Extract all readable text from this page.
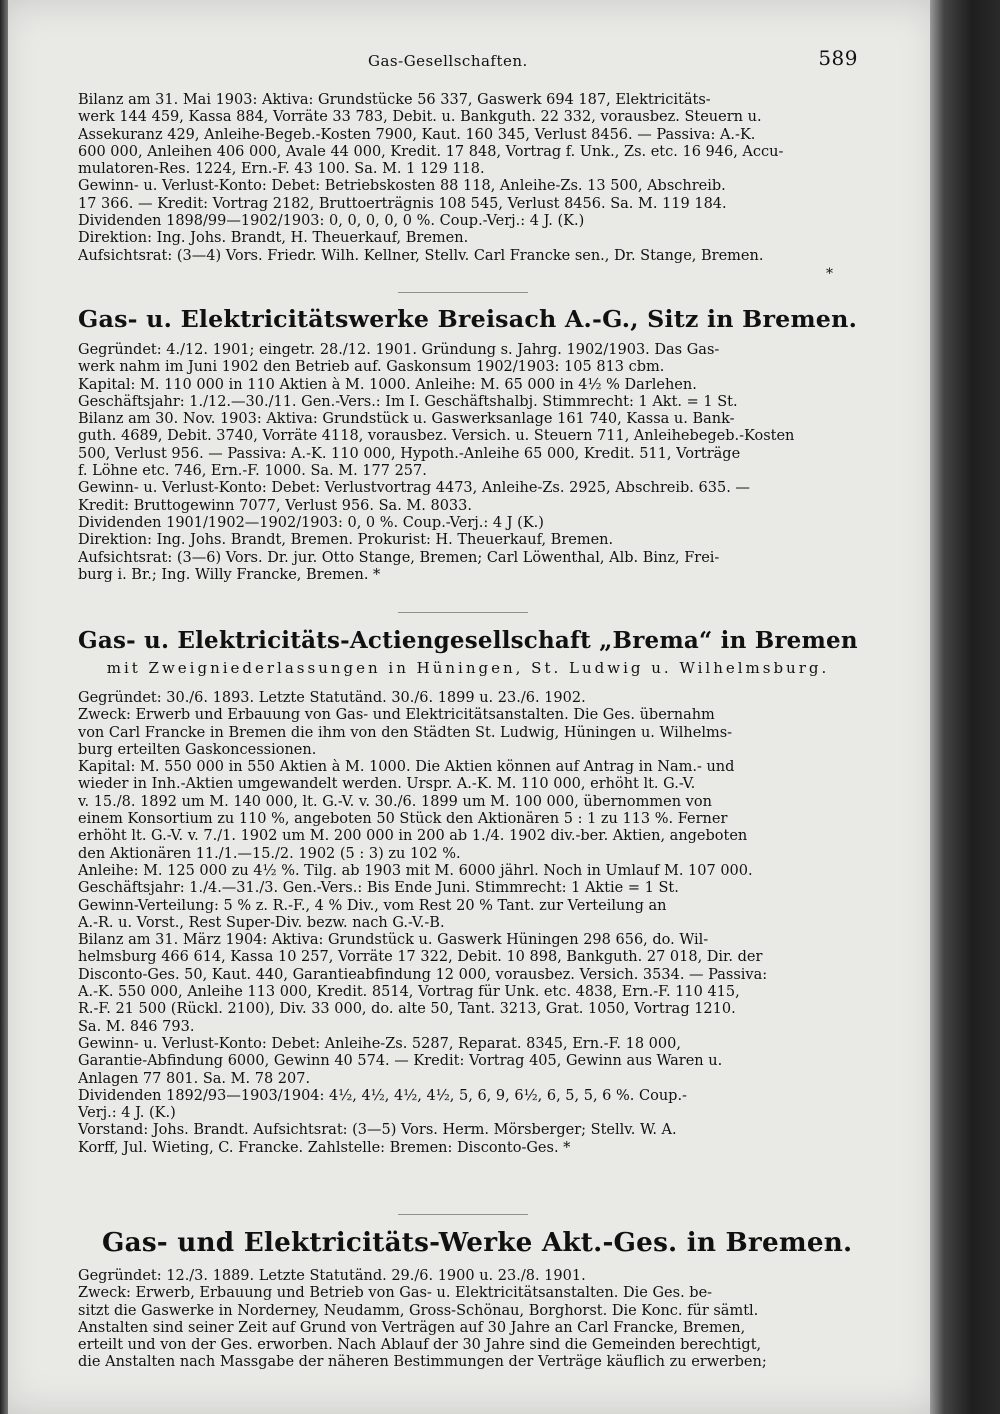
Gas-Gesellschaften.	589
Bilanz am 31. Mai 1903: Aktiva: Grundstücke 56 337, Gaswerk 694 187, Elektricitäts-
werk 144 459, Kassa 884, Vorräte 33 783, Debit. u. Bankguth. 22 332, vorausbez. Steuern u.
Assekuranz 429, Anleihe-Begeb.-Kosten 7900, Kaut. 160 345, Verlust 8456. — Passiva: A.-K.
600 000, Anleihen 406 000, Avale 44 000, Kredit. 17 848, Vortrag f. Unk., Zs. etc. 16 946, Accu-
mulatoren-Res. 1224, Ern.-F. 43 100. Sa. M. 1 129 118.
Gewinn- u. Verlust-Konto: Debet: Betriebskosten 88 118, Anleihe-Zs. 13 500, Abschreib.
17 366. — Kredit: Vortrag 2182, Bruttoerträgnis 108 545, Verlust 8456. Sa. M. 119 184.
Dividenden 1898/99—1902/1903: 0, 0, 0, 0, 0 %. Coup.-Verj.: 4 J. (K.)
Direktion: Ing. Johs. Brandt, H. Theuerkauf, Bremen.
Aufsichtsrat: (3—4) Vors. Friedr. Wilh. Kellner, Stellv. Carl Francke sen., Dr. Stange, Bremen.
*
Gas- u. Elektricitätswerke Breisach A.-G., Sitz in Bremen.
Gegründet: 4./12. 1901; eingetr. 28./12. 1901. Gründung s. Jahrg. 1902/1903. Das Gas-
werk nahm im Juni 1902 den Betrieb auf. Gaskonsum 1902/1903: 105 813 cbm.
Kapital: M. 110 000 in 110 Aktien à M. 1000. Anleihe: M. 65 000 in 4½ % Darlehen.
Geschäftsjahr: 1./12.—30./11. Gen.-Vers.: Im I. Geschäftshalbj. Stimmrecht: 1 Akt. = 1 St.
Bilanz am 30. Nov. 1903: Aktiva: Grundstück u. Gaswerksanlage 161 740, Kassa u. Bank-
guth. 4689, Debit. 3740, Vorräte 4118, vorausbez. Versich. u. Steuern 711, Anleihebegeb.-Kosten
500, Verlust 956. — Passiva: A.-K. 110 000, Hypoth.-Anleihe 65 000, Kredit. 511, Vorträge
f. Löhne etc. 746, Ern.-F. 1000. Sa. M. 177 257.
Gewinn- u. Verlust-Konto: Debet: Verlustvortrag 4473, Anleihe-Zs. 2925, Abschreib. 635. —
Kredit: Bruttogewinn 7077, Verlust 956. Sa. M. 8033.
Dividenden 1901/1902—1902/1903: 0, 0 %. Coup.-Verj.: 4 J (K.)
Direktion: Ing. Johs. Brandt, Bremen. Prokurist: H. Theuerkauf, Bremen.
Aufsichtsrat: (3—6) Vors. Dr. jur. Otto Stange, Bremen; Carl Löwenthal, Alb. Binz, Frei-
burg i. Br.; Ing. Willy Francke, Bremen. *
Gas- u. Elektricitäts-Actiengesellschaft „Brema“ in Bremen
mit Zweigniederlassungen in Hüningen, St. Ludwig u. Wilhelmsburg.
Gegründet: 30./6. 1893. Letzte Statutänd. 30./6. 1899 u. 23./6. 1902.
Zweck: Erwerb und Erbauung von Gas- und Elektricitätsanstalten. Die Ges. übernahm
von Carl Francke in Bremen die ihm von den Städten St. Ludwig, Hüningen u. Wilhelms-
burg erteilten Gaskoncessionen.
Kapital: M. 550 000 in 550 Aktien à M. 1000. Die Aktien können auf Antrag in Nam.- und
wieder in Inh.-Aktien umgewandelt werden. Urspr. A.-K. M. 110 000, erhöht lt. G.-V.
v. 15./8. 1892 um M. 140 000, lt. G.-V. v. 30./6. 1899 um M. 100 000, übernommen von
einem Konsortium zu 110 %, angeboten 50 Stück den Aktionären 5 : 1 zu 113 %. Ferner
erhöht lt. G.-V. v. 7./1. 1902 um M. 200 000 in 200 ab 1./4. 1902 div.-ber. Aktien, angeboten
den Aktionären 11./1.—15./2. 1902 (5 : 3) zu 102 %.
Anleihe: M. 125 000 zu 4½ %. Tilg. ab 1903 mit M. 6000 jährl. Noch in Umlauf M. 107 000.
Geschäftsjahr: 1./4.—31./3. Gen.-Vers.: Bis Ende Juni. Stimmrecht: 1 Aktie = 1 St.
Gewinn-Verteilung: 5 % z. R.-F., 4 % Div., vom Rest 20 % Tant. zur Verteilung an
A.-R. u. Vorst., Rest Super-Div. bezw. nach G.-V.-B.
Bilanz am 31. März 1904: Aktiva: Grundstück u. Gaswerk Hüningen 298 656, do. Wil-
helmsburg 466 614, Kassa 10 257, Vorräte 17 322, Debit. 10 898, Bankguth. 27 018, Dir. der
Disconto-Ges. 50, Kaut. 440, Garantieabfindung 12 000, vorausbez. Versich. 3534. — Passiva:
A.-K. 550 000, Anleihe 113 000, Kredit. 8514, Vortrag für Unk. etc. 4838, Ern.-F. 110 415,
R.-F. 21 500 (Rückl. 2100), Div. 33 000, do. alte 50, Tant. 3213, Grat. 1050, Vortrag 1210.
Sa. M. 846 793.
Gewinn- u. Verlust-Konto: Debet: Anleihe-Zs. 5287, Reparat. 8345, Ern.-F. 18 000,
Garantie-Abfindung 6000, Gewinn 40 574. — Kredit: Vortrag 405, Gewinn aus Waren u.
Anlagen 77 801. Sa. M. 78 207.
Dividenden 1892/93—1903/1904: 4½, 4½, 4½, 4½, 5, 6, 9, 6½, 6, 5, 5, 6 %. Coup.-
Verj.: 4 J. (K.)
Vorstand: Johs. Brandt. Aufsichtsrat: (3—5) Vors. Herm. Mörsberger; Stellv. W. A.
Korff, Jul. Wieting, C. Francke. Zahlstelle: Bremen: Disconto-Ges. *
Gas- und Elektricitäts-Werke Akt.-Ges. in Bremen.
Gegründet: 12./3. 1889. Letzte Statutänd. 29./6. 1900 u. 23./8. 1901.
Zweck: Erwerb, Erbauung und Betrieb von Gas- u. Elektricitätsanstalten. Die Ges. be-
sitzt die Gaswerke in Norderney, Neudamm, Gross-Schönau, Borghorst. Die Konc. für sämtl.
Anstalten sind seiner Zeit auf Grund von Verträgen auf 30 Jahre an Carl Francke, Bremen,
erteilt und von der Ges. erworben. Nach Ablauf der 30 Jahre sind die Gemeinden berechtigt,
die Anstalten nach Massgabe der näheren Bestimmungen der Verträge käuflich zu erwerben;
